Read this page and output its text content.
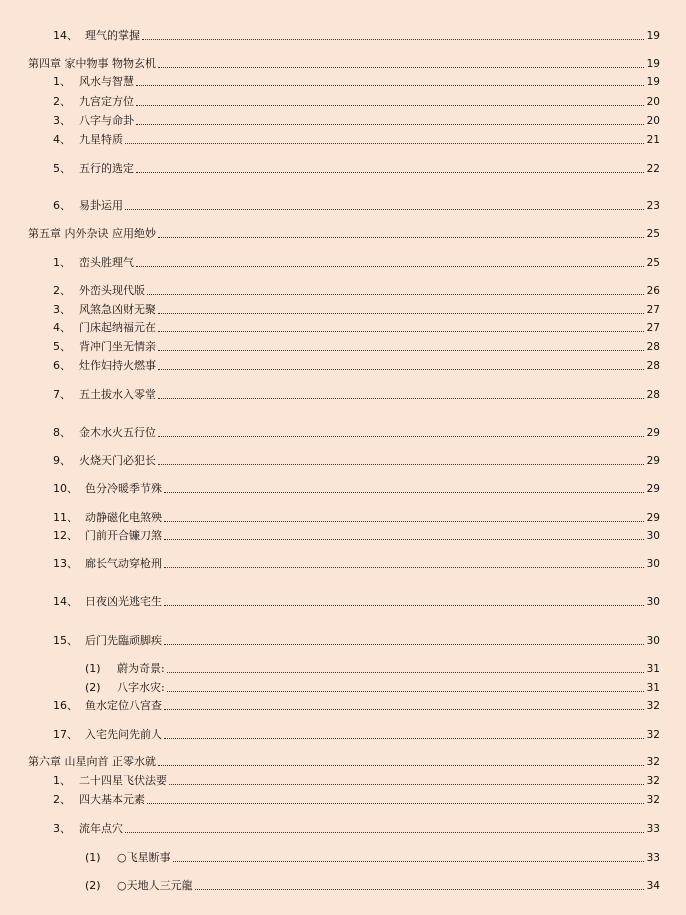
14、 理气的掌握	19
第四章 家中物事 物物玄机	19
1、 风水与智慧	19
2、 九宫定方位	20
3、 八字与命卦	20
4、 九星特质	21
5、 五行的选定	22
6、 易卦运用	23
第五章 内外杂诀 应用绝妙	25
1、 峦头胜理气	25
2、 外峦头现代版	26
3、 风煞急凶财无聚	27
4、 门床起纳福元在	27
5、 背冲门坐无情亲	28
6、 灶作妇持火燃事	28
7、 五土拔水入零堂	28
8、 金木水火五行位	29
9、 火烧天门必犯长	29
10、 色分冷暖季节殊	29
11、 动静磁化电煞殃	29
12、 门前开合镰刀煞	30
13、 廊长气动穿枪刑	30
14、 日夜凶光逃宅生	30
15、 后门先臨顽脚疾	30
(1)	蔚为奇景:	31
(2)	八字水灾:	31
16、 鱼水定位八宫查	32
17、 入宅先问先前人	32
第六章 山星向首 正零水就	32
1、 二十四星飞伏法要	32
2、 四大基本元素	32
3、 流年点穴	33
(1)	○飞星断事	33
(2)	○天地人三元龍	34
